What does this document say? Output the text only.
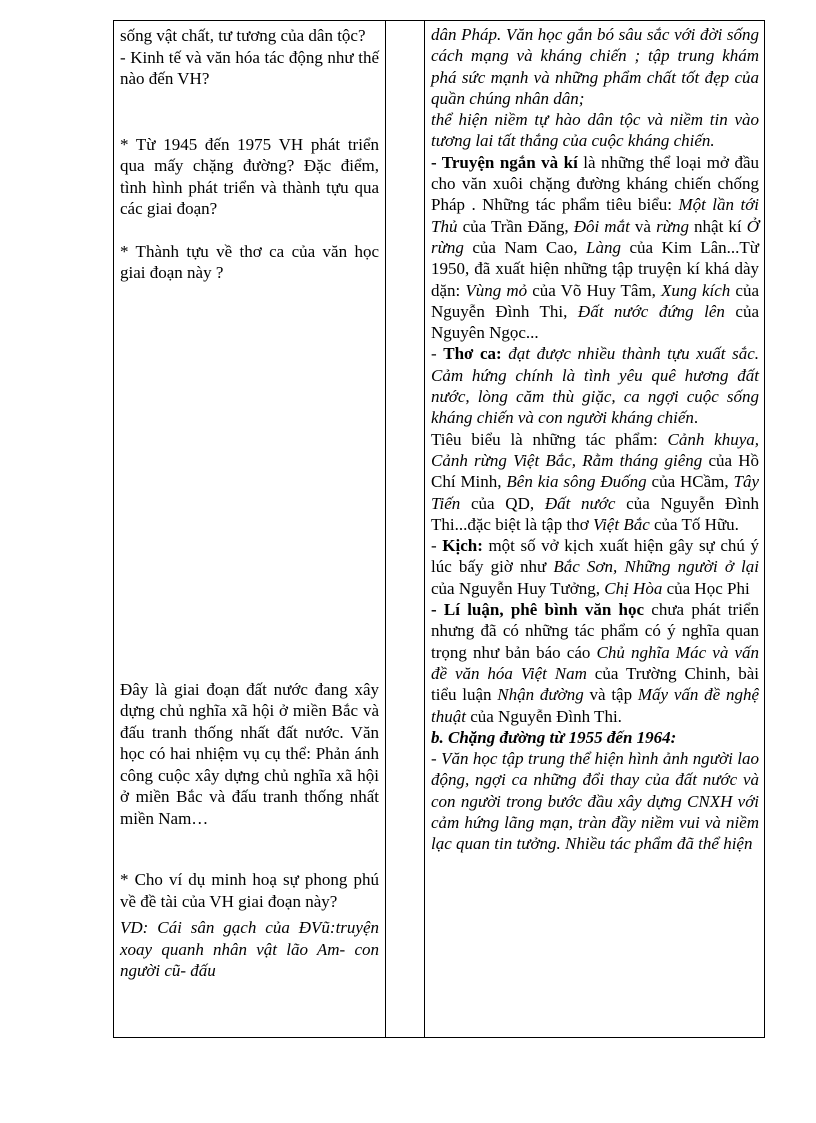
sống vật chất, tư tương của dân tộc?

- Kinh tế và văn hóa tác động như thế nào đến VH?

* Từ 1945 đến 1975 VH phát triển qua mấy chặng đường? Đặc điểm, tình hình phát triển và thành tựu qua các giai đoạn?

* Thành tựu về thơ ca của văn học giai đoạn này ?

Đây là giai đoạn đất nước đang xây dựng chủ nghĩa xã hội ở miền Bắc và đấu tranh thống nhất đất nước. Văn học có hai nhiệm vụ cụ thể: Phản ánh công cuộc xây dựng chủ nghĩa xã hội ở miền Bắc và đấu tranh thống nhất miền Nam…

* Cho ví dụ minh hoạ sự phong phú về đề tài của VH giai đoạn này?

VD: Cái sân gạch của ĐVũ:truyện xoay quanh nhân vật lão Am- con người cũ- đấu

dân Pháp. Văn học gắn bó sâu sắc với đời sống cách mạng và kháng chiến ; tập trung khám phá sức mạnh và những phẩm chất tốt đẹp của quần chúng nhân dân;

thể hiện niềm tự hào dân tộc và niềm tin vào tương lai tất thắng của cuộc kháng chiến.

- Truyện ngắn và kí là những thể loại mở đầu cho văn xuôi chặng đường kháng chiến chống Pháp . Những tác phẩm tiêu biểu: Một lần tới Thủ của Trần Đăng, Đôi mắt và rừng nhật kí Ở rừng của Nam Cao, Làng của Kim Lân...Từ 1950, đã xuất hiện những tập truyện kí khá dày dặn: Vùng mỏ của Võ Huy Tâm, Xung kích của Nguyễn Đình Thi, Đất nước đứng lên của Nguyên Ngọc...

- Thơ ca: đạt được nhiều thành tựu xuất sắc. Cảm hứng chính là tình yêu quê hương đất nước, lòng căm thù giặc, ca ngợi cuộc sống kháng chiến và con người kháng chiến.

Tiêu biểu là những tác phẩm: Cảnh khuya, Cảnh rừng Việt Bắc, Rằm tháng giêng của Hồ Chí Minh, Bên kia sông Đuống của HCầm, Tây Tiến của QD, Đất nước của Nguyễn Đình Thi...đặc biệt là tập thơ Việt Bắc của Tố Hữu.

- Kịch: một số vở kịch xuất hiện gây sự chú ý lúc bấy giờ như Bắc Sơn, Những người ở lại của Nguyễn Huy Tưởng, Chị Hòa của Học Phi

- Lí luận, phê bình văn học chưa phát triển nhưng đã có những tác phẩm có ý nghĩa quan trọng như bản báo cáo Chủ nghĩa Mác và vấn đề văn hóa Việt Nam của Trường Chinh, bài tiểu luận Nhận đường và tập Mấy vấn đề nghệ thuật của Nguyễn Đình Thi.

b. Chặng đường từ 1955 đến 1964:

- Văn học tập trung thể hiện hình ảnh người lao động, ngợi ca những đổi thay của đất nước và con người trong bước đầu xây dựng CNXH với cảm hứng lãng mạn, tràn đầy niềm vui và niềm lạc quan tin tưởng. Nhiều tác phẩm đã thể hiện
